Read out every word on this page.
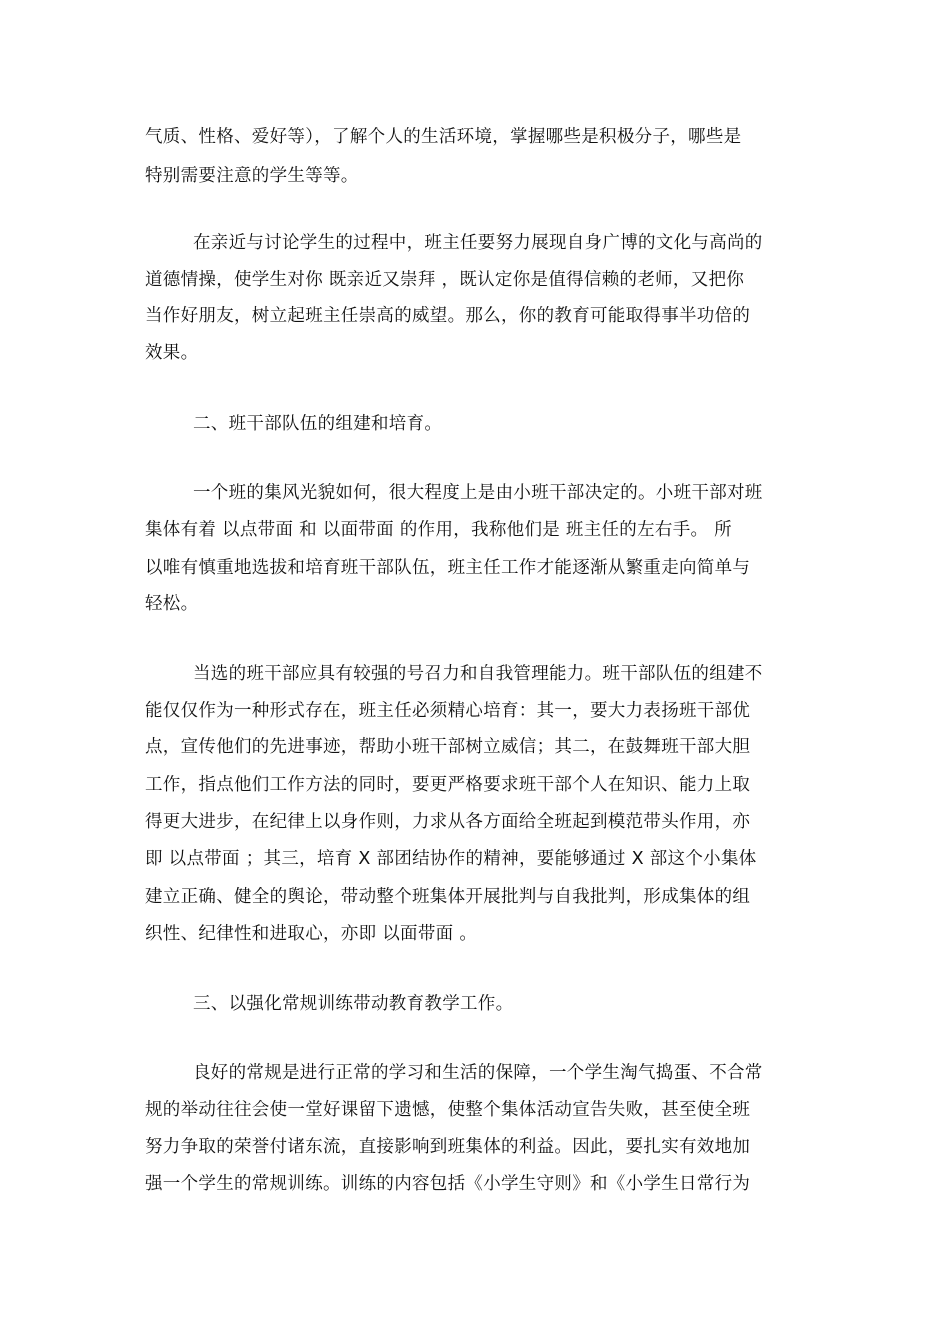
气质、性格、爱好等），了解个人的生活环境，掌握哪些是积极分子，哪些是
特别需要注意的学生等等。
在亲近与讨论学生的过程中，班主任要努力展现自身广博的文化与高尚的
道德情操，使学生对你 既亲近又崇拜 ，既认定你是值得信赖的老师，又把你
当作好朋友，树立起班主任崇高的威望。那么，你的教育可能取得事半功倍的
效果。
二、班干部队伍的组建和培育。
一个班的集风光貌如何，很大程度上是由小班干部决定的。小班干部对班
集体有着 以点带面 和 以面带面 的作用，我称他们是 班主任的左右手。 所
以唯有慎重地选拔和培育班干部队伍，班主任工作才能逐渐从繁重走向简单与
轻松。
当选的班干部应具有较强的号召力和自我管理能力。班干部队伍的组建不
能仅仅作为一种形式存在，班主任必须精心培育：其一，要大力表扬班干部优
点，宣传他们的先进事迹，帮助小班干部树立威信；其二，在鼓舞班干部大胆
工作，指点他们工作方法的同时，要更严格要求班干部个人在知识、能力上取
得更大进步，在纪律上以身作则，力求从各方面给全班起到模范带头作用，亦
即 以点带面 ；其三，培育 X 部团结协作的精神，要能够通过 X 部这个小集体
建立正确、健全的舆论，带动整个班集体开展批判与自我批判，形成集体的组
织性、纪律性和进取心，亦即 以面带面 。
三、以强化常规训练带动教育教学工作。
良好的常规是进行正常的学习和生活的保障，一个学生淘气捣蛋、不合常
规的举动往往会使一堂好课留下遗憾，使整个集体活动宣告失败，甚至使全班
努力争取的荣誉付诸东流，直接影响到班集体的利益。因此，要扎实有效地加
强一个学生的常规训练。训练的内容包括《小学生守则》和《小学生日常行为
